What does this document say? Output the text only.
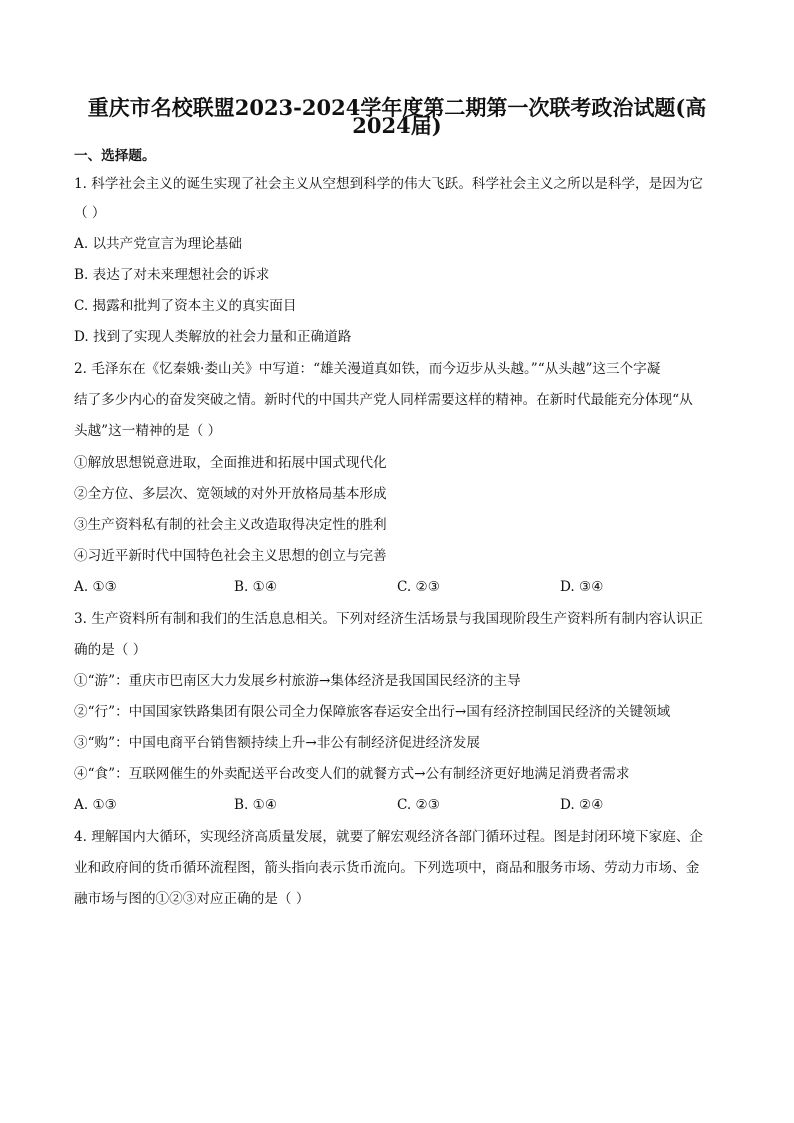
重庆市名校联盟2023-2024学年度第二期第一次联考政治试题(高
2024届)
一、选择题。
1. 科学社会主义的诞生实现了社会主义从空想到科学的伟大飞跃。科学社会主义之所以是科学，是因为它
（ ）
A. 以共产党宣言为理论基础
B. 表达了对未来理想社会的诉求
C. 揭露和批判了资本主义的真实面目
D. 找到了实现人类解放的社会力量和正确道路
2. 毛泽东在《忆秦娥·娄山关》中写道：“雄关漫道真如铁，而今迈步从头越。”“从头越”这三个字凝
结了多少内心的奋发突破之情。新时代的中国共产党人同样需要这样的精神。在新时代最能充分体现“从
头越”这一精神的是（ ）
①解放思想锐意进取，全面推进和拓展中国式现代化
②全方位、多层次、宽领域的对外开放格局基本形成
③生产资料私有制的社会主义改造取得决定性的胜利
④习近平新时代中国特色社会主义思想的创立与完善
A. ①③	B. ①④	C. ②③	D. ③④
3. 生产资料所有制和我们的生活息息相关。下列对经济生活场景与我国现阶段生产资料所有制内容认识正
确的是（ ）
①“游”：重庆市巴南区大力发展乡村旅游→集体经济是我国国民经济的主导
②“行”：中国国家铁路集团有限公司全力保障旅客春运安全出行→国有经济控制国民经济的关键领域
③“购”：中国电商平台销售额持续上升→非公有制经济促进经济发展
④“食”：互联网催生的外卖配送平台改变人们的就餐方式→公有制经济更好地满足消费者需求
A. ①③	B. ①④	C. ②③	D. ②④
4. 理解国内大循环，实现经济高质量发展，就要了解宏观经济各部门循环过程。图是封闭环境下家庭、企
业和政府间的货币循环流程图，箭头指向表示货币流向。下列选项中，商品和服务市场、劳动力市场、金
融市场与图的①②③对应正确的是（ ）
